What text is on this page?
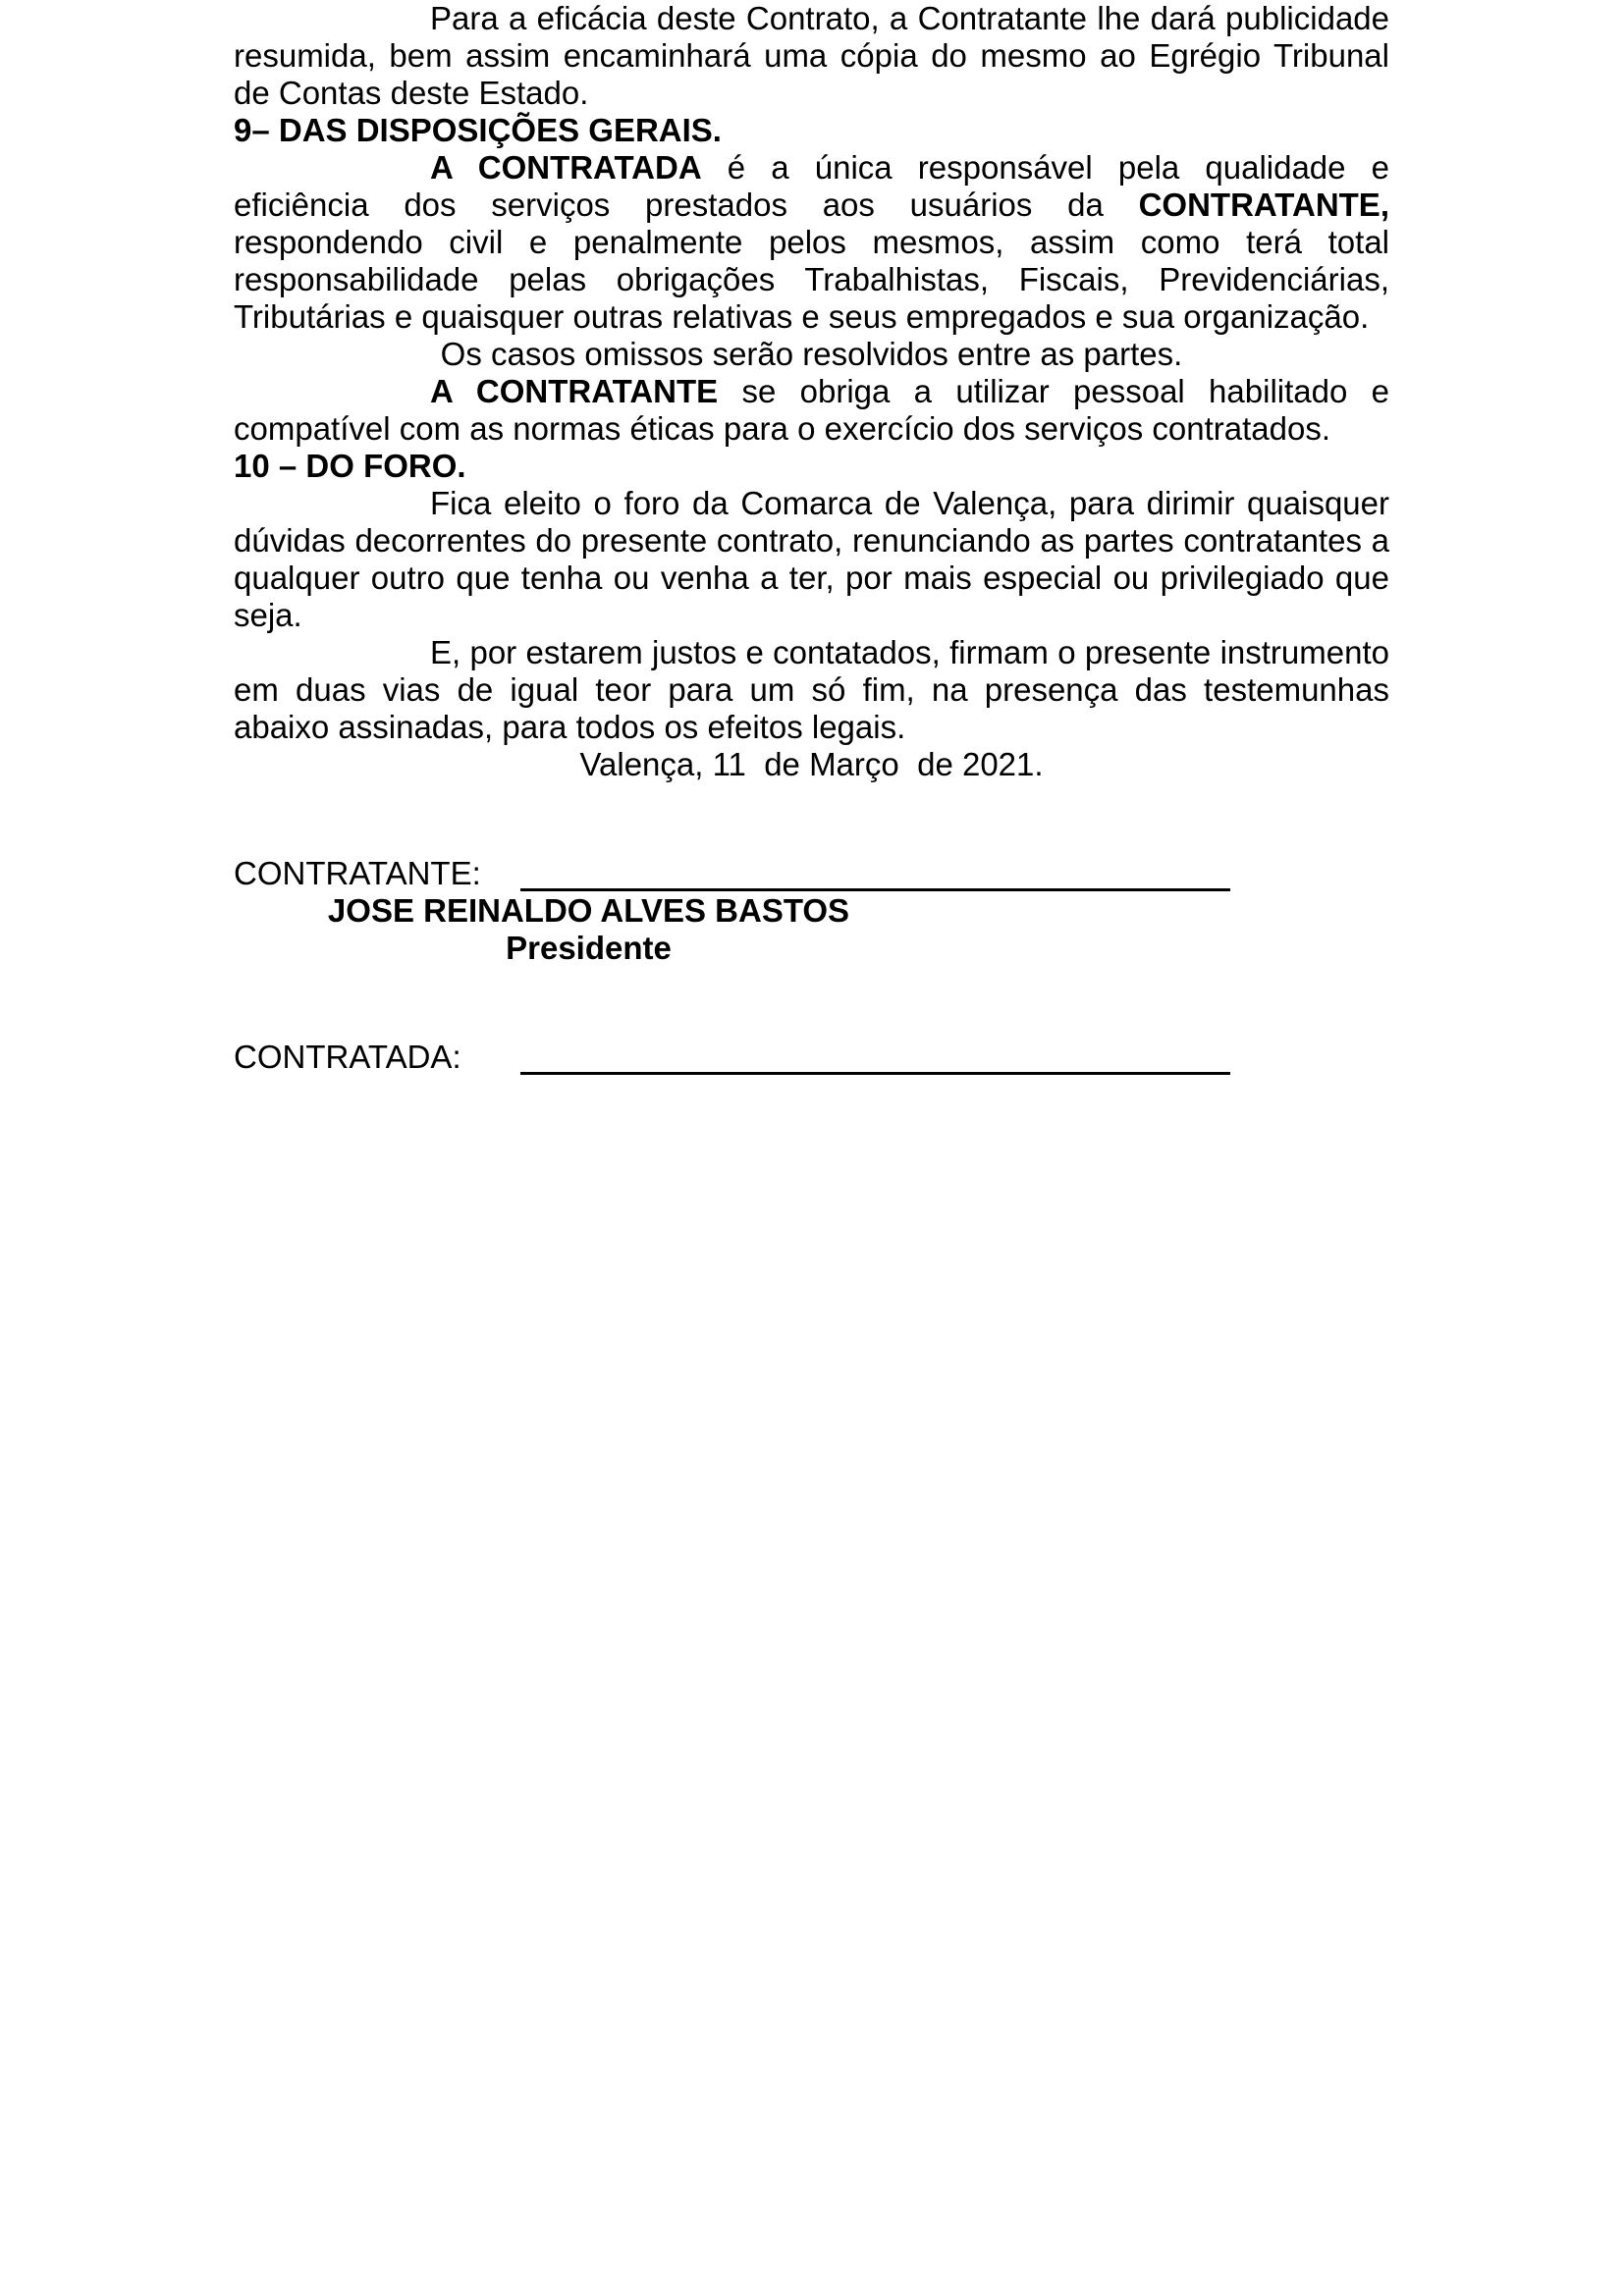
Para a eficácia deste Contrato, a Contratante lhe dará publicidade resumida, bem assim encaminhará uma cópia do mesmo ao Egrégio Tribunal de Contas deste Estado.

9– DAS DISPOSIÇÕES GERAIS.

A CONTRATADA é a única responsável pela qualidade e eficiência dos serviços prestados aos usuários da CONTRATANTE, respondendo civil e penalmente pelos mesmos, assim como terá total responsabilidade pelas obrigações Trabalhistas, Fiscais, Previdenciárias, Tributárias e quaisquer outras relativas e seus empregados e sua organização.

Os casos omissos serão resolvidos entre as partes.

A CONTRATANTE se obriga a utilizar pessoal habilitado e compatível com as normas éticas para o exercício dos serviços contratados.

10 – DO FORO.

Fica eleito o foro da Comarca de Valença, para dirimir quaisquer dúvidas decorrentes do presente contrato, renunciando as partes contratantes a qualquer outro que tenha ou venha a ter, por mais especial ou privilegiado que seja.

E, por estarem justos e contatados, firmam o presente instrumento em duas vias de igual teor para um só fim, na presença das testemunhas abaixo assinadas, para todos os efeitos legais.

Valença, 11  de Março  de 2021.

CONTRATANTE:
JOSE REINALDO ALVES BASTOS
Presidente
CONTRATADA:
